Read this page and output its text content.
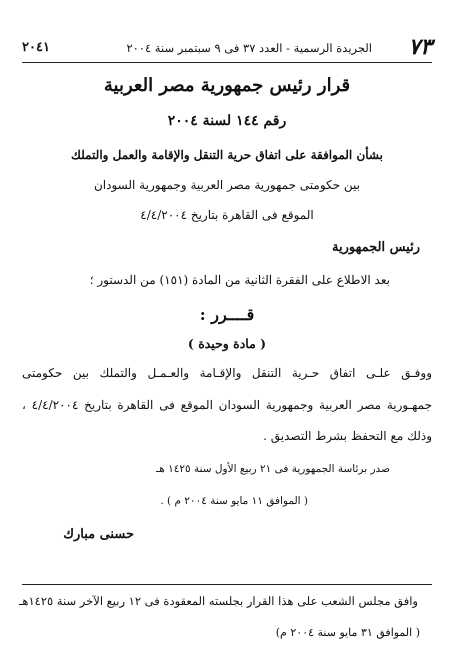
٢٠٤١	الجريدة الرسمية - العدد ٣٧ فى ٩ سبتمبر سنة ٢٠٠٤ ٧٣
قرار رئيس جمهورية مصر العربية
رقم ١٤٤ لسنة ٢٠٠٤
بشأن الموافقة على اتفاق حرية التنقل والإقامة والعمل والتملك
بين حكومتى جمهورية مصر العربية وجمهورية السودان
الموقع فى القاهرة بتاريخ ٤/٤/٢٠٠٤
رئيس الجمهورية
بعد الاطلاع على الفقرة الثانية من المادة (١٥١) من الدستور ؛
قــــرر :
( مادة وحيدة )
ووفـق علـى اتفاق حـرية التنقل والإقـامة والعـمـل والتملك بين حكومتى
جمهـورية مصر العربية وجمهورية السودان الموقع فى القاهرة بتاريخ ٤/٤/٢٠٠٤ ،
وذلك مع التحفظ بشرط التصديق .
صدر برئاسة الجمهورية فى ٢١ ربيع الأول سنة ١٤٢٥ هـ
( الموافق ١١ مايو سنة ٢٠٠٤ م ) .
حسنى مبارك
وافق مجلس الشعب على هذا القرار بجلسته المعقودة فى ١٢ ربيع الآخر سنة ١٤٢٥هـ
( الموافق ٣١ مايو سنة ٢٠٠٤ م)
